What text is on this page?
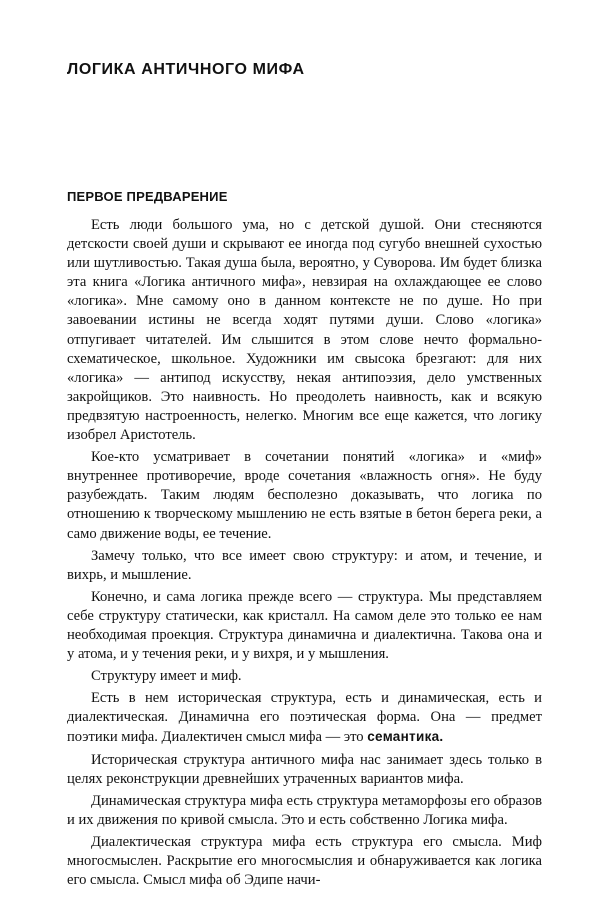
ЛОГИКА АНТИЧНОГО МИФА
ПЕРВОЕ ПРЕДВАРЕНИЕ

Есть люди большого ума, но с детской душой. Они стесняются детскости своей души и скрывают ее иногда под сугубо внешней сухостью или шутливостью. Такая душа была, вероятно, у Суворова. Им будет близка эта книга «Логика античного мифа», невзирая на охлаждающее ее слово «логика». Мне самому оно в данном контексте не по душе. Но при завоевании истины не всегда ходят путями души. Слово «логика» отпугивает читателей. Им слышится в этом слове нечто формально-схематическое, школьное. Художники им свысока брезгают: для них «логика» — антипод искусству, некая антипоэзия, дело умственных закройщиков. Это наивность. Но преодолеть наивность, как и всякую предвзятую настроенность, нелегко. Многим все еще кажется, что логику изобрел Аристотель.

Кое-кто усматривает в сочетании понятий «логика» и «миф» внутреннее противоречие, вроде сочетания «влажность огня». Не буду разубеждать. Таким людям бесполезно доказывать, что логика по отношению к творческому мышлению не есть взятые в бетон берега реки, а само движение воды, ее течение.

Замечу только, что все имеет свою структуру: и атом, и течение, и вихрь, и мышление.

Конечно, и сама логика прежде всего — структура. Мы представляем себе структуру статически, как кристалл. На самом деле это только ее нам необходимая проекция. Структура динамична и диалектична. Такова она и у атома, и у течения реки, и у вихря, и у мышления.

Структуру имеет и миф.

Есть в нем историческая структура, есть и динамическая, есть и диалектическая. Динамична его поэтическая форма. Она — предмет поэтики мифа. Диалектичен смысл мифа — это семантика.

Историческая структура античного мифа нас занимает здесь только в целях реконструкции древнейших утраченных вариантов мифа.

Динамическая структура мифа есть структура метаморфозы его образов и их движения по кривой смысла. Это и есть собственно Логика мифа.

Диалектическая структура мифа есть структура его смысла. Миф многосмыслен. Раскрытие его многосмыслия и обнаруживается как логика его смысла. Смысл мифа об Эдипе начи-
